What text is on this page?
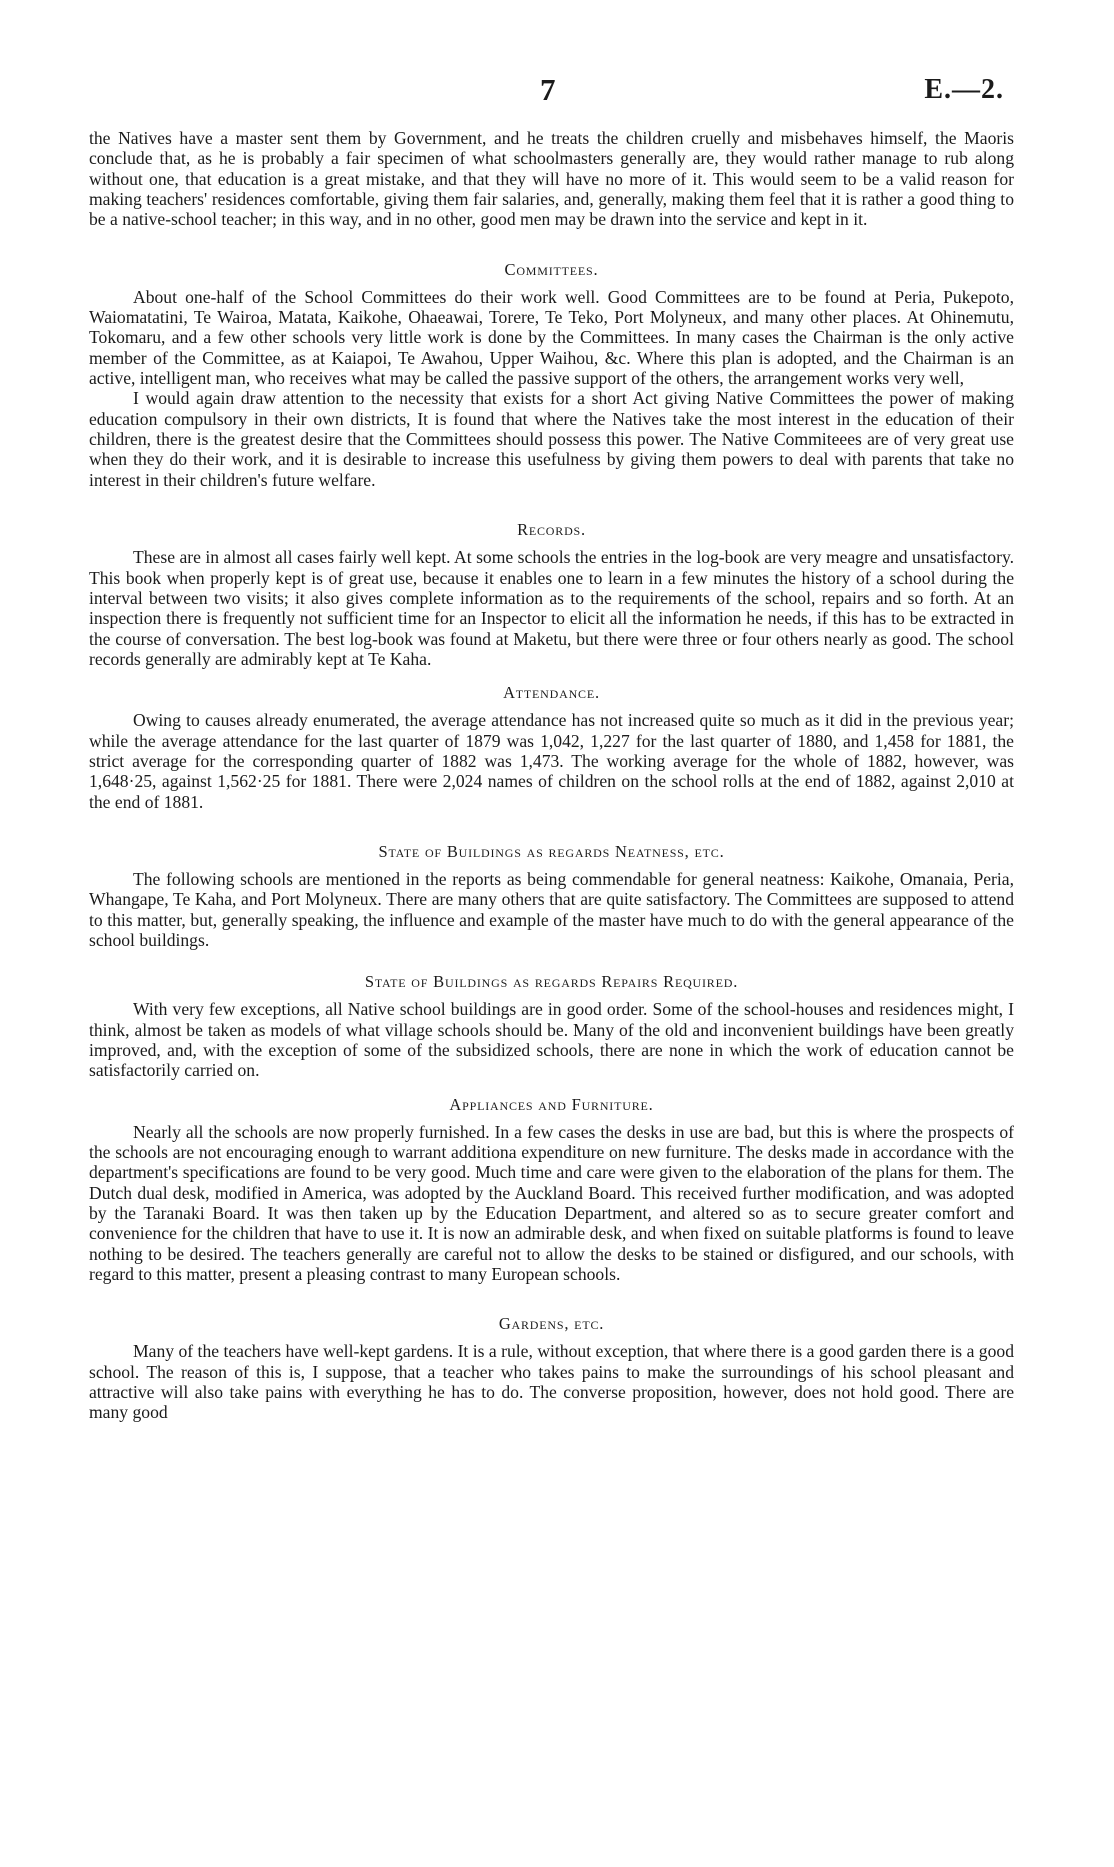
7	E.—2.

the Natives have a master sent them by Government, and he treats the children cruelly and misbehaves himself, the Maoris conclude that, as he is probably a fair specimen of what schoolmasters generally are, they would rather manage to rub along without one, that education is a great mistake, and that they will have no more of it. This would seem to be a valid reason for making teachers' residences comfortable, giving them fair salaries, and, generally, making them feel that it is rather a good thing to be a native-school teacher; in this way, and in no other, good men may be drawn into the service and kept in it.

Committees.

About one-half of the School Committees do their work well. Good Committees are to be found at Peria, Pukepoto, Waiomatatini, Te Wairoa, Matata, Kaikohe, Ohaeawai, Torere, Te Teko, Port Molyneux, and many other places. At Ohinemutu, Tokomaru, and a few other schools very little work is done by the Committees. In many cases the Chairman is the only active member of the Committee, as at Kaiapoi, Te Awahou, Upper Waihou, &c. Where this plan is adopted, and the Chairman is an active, intelligent man, who receives what may be called the passive support of the others, the arrangement works very well,

I would again draw attention to the necessity that exists for a short Act giving Native Committees the power of making education compulsory in their own districts, It is found that where the Natives take the most interest in the education of their children, there is the greatest desire that the Committees should possess this power. The Native Commiteees are of very great use when they do their work, and it is desirable to increase this usefulness by giving them powers to deal with parents that take no interest in their children's future welfare.

Records.

These are in almost all cases fairly well kept. At some schools the entries in the log-book are very meagre and unsatisfactory. This book when properly kept is of great use, because it enables one to learn in a few minutes the history of a school during the interval between two visits; it also gives complete information as to the requirements of the school, repairs and so forth. At an inspection there is frequently not sufficient time for an Inspector to elicit all the information he needs, if this has to be extracted in the course of conversation. The best log-book was found at Maketu, but there were three or four others nearly as good. The school records generally are admirably kept at Te Kaha.

Attendance.

Owing to causes already enumerated, the average attendance has not increased quite so much as it did in the previous year; while the average attendance for the last quarter of 1879 was 1,042, 1,227 for the last quarter of 1880, and 1,458 for 1881, the strict average for the corresponding quarter of 1882 was 1,473. The working average for the whole of 1882, however, was 1,648·25, against 1,562·25 for 1881. There were 2,024 names of children on the school rolls at the end of 1882, against 2,010 at the end of 1881.

State of Buildings as regards Neatness, etc.

The following schools are mentioned in the reports as being commendable for general neatness: Kaikohe, Omanaia, Peria, Whangape, Te Kaha, and Port Molyneux. There are many others that are quite satisfactory. The Committees are supposed to attend to this matter, but, generally speaking, the influence and example of the master have much to do with the general appearance of the school buildings.

State of Buildings as regards Repairs Required.

With very few exceptions, all Native school buildings are in good order. Some of the school-houses and residences might, I think, almost be taken as models of what village schools should be. Many of the old and inconvenient buildings have been greatly improved, and, with the exception of some of the subsidized schools, there are none in which the work of education cannot be satisfactorily carried on.

Appliances and Furniture.

Nearly all the schools are now properly furnished. In a few cases the desks in use are bad, but this is where the prospects of the schools are not encouraging enough to warrant additiona expenditure on new furniture. The desks made in accordance with the department's specifications are found to be very good. Much time and care were given to the elaboration of the plans for them. The Dutch dual desk, modified in America, was adopted by the Auckland Board. This received further modification, and was adopted by the Taranaki Board. It was then taken up by the Education Department, and altered so as to secure greater comfort and convenience for the children that have to use it. It is now an admirable desk, and when fixed on suitable platforms is found to leave nothing to be desired. The teachers generally are careful not to allow the desks to be stained or disfigured, and our schools, with regard to this matter, present a pleasing contrast to many European schools.

Gardens, etc.

Many of the teachers have well-kept gardens. It is a rule, without exception, that where there is a good garden there is a good school. The reason of this is, I suppose, that a teacher who takes pains to make the surroundings of his school pleasant and attractive will also take pains with everything he has to do. The converse proposition, however, does not hold good. There are many good
